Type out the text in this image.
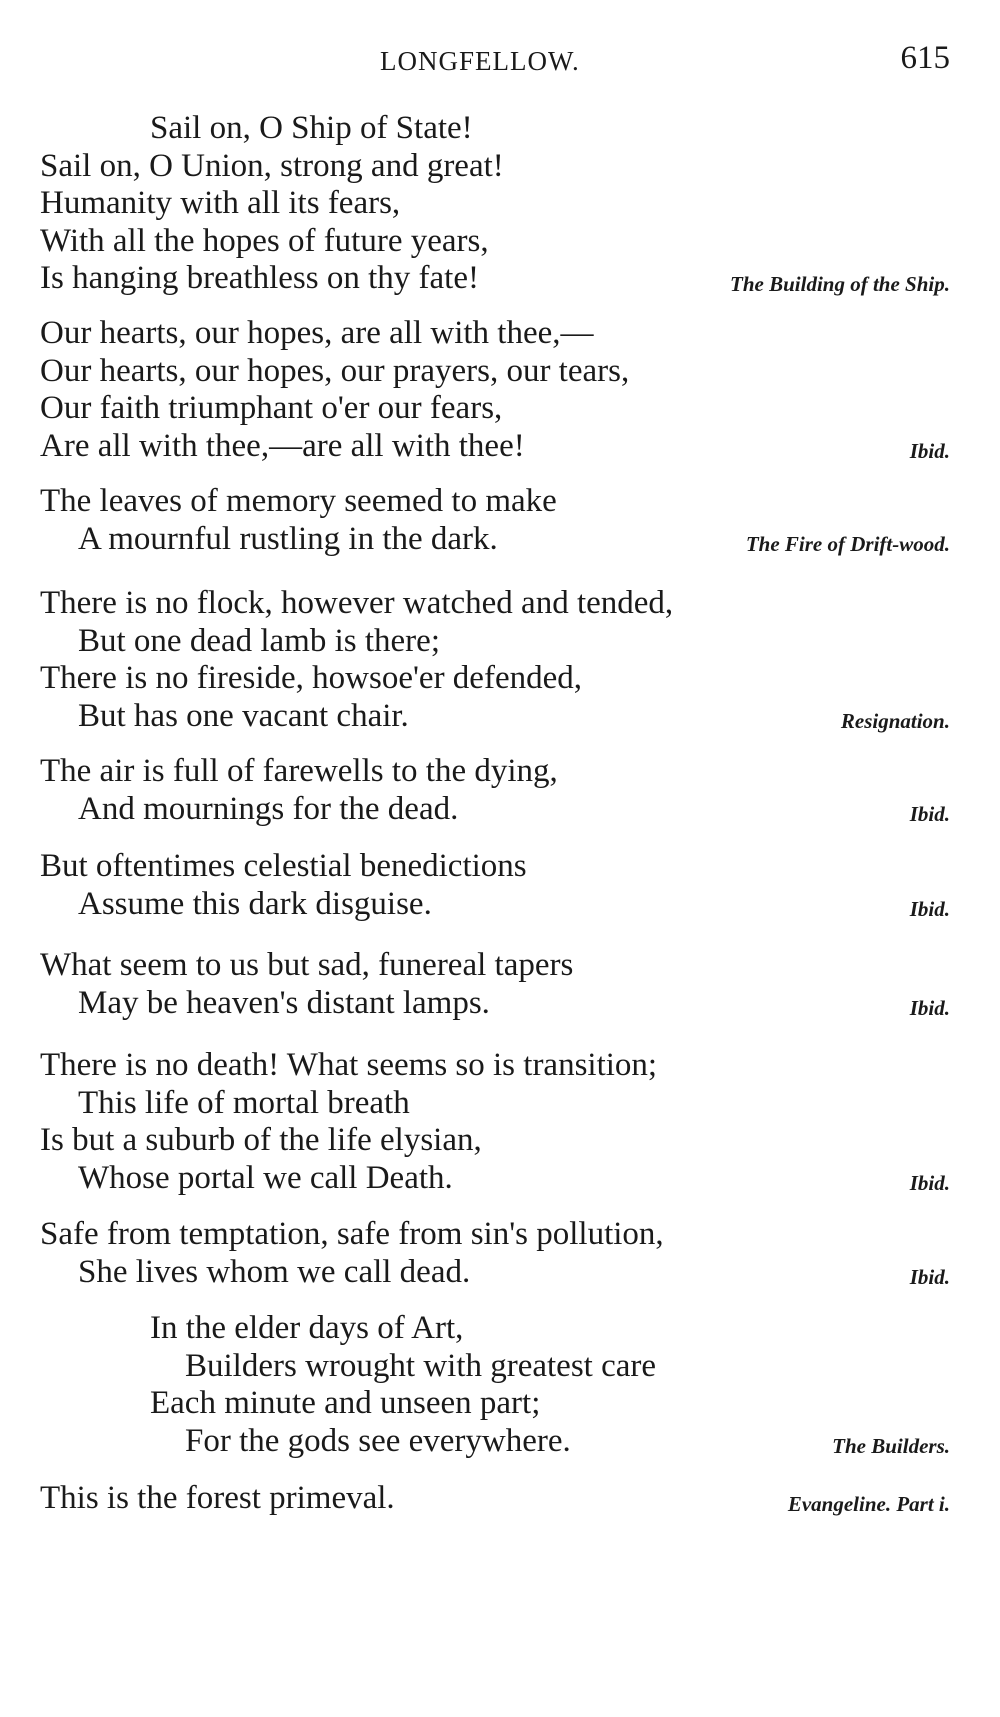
LONGFELLOW.	615
Sail on, O Ship of State!
Sail on, O Union, strong and great!
Humanity with all its fears,
With all the hopes of future years,
Is hanging breathless on thy fate!	The Building of the Ship.
Our hearts, our hopes, are all with thee,—
Our hearts, our hopes, our prayers, our tears,
Our faith triumphant o'er our fears,
Are all with thee,—are all with thee!	Ibid.
The leaves of memory seemed to make
A mournful rustling in the dark.	The Fire of Drift-wood.
There is no flock, however watched and tended,
But one dead lamb is there;
There is no fireside, howsoe'er defended,
But has one vacant chair.	Resignation.
The air is full of farewells to the dying,
And mournings for the dead.	Ibid.
But oftentimes celestial benedictions
Assume this dark disguise.	Ibid.
What seem to us but sad, funereal tapers
May be heaven's distant lamps.	Ibid.
There is no death! What seems so is transition;
This life of mortal breath
Is but a suburb of the life elysian,
Whose portal we call Death.	Ibid.
Safe from temptation, safe from sin's pollution,
She lives whom we call dead.	Ibid.
In the elder days of Art,
Builders wrought with greatest care
Each minute and unseen part;
For the gods see everywhere.	The Builders.
This is the forest primeval.	Evangeline. Part i.
